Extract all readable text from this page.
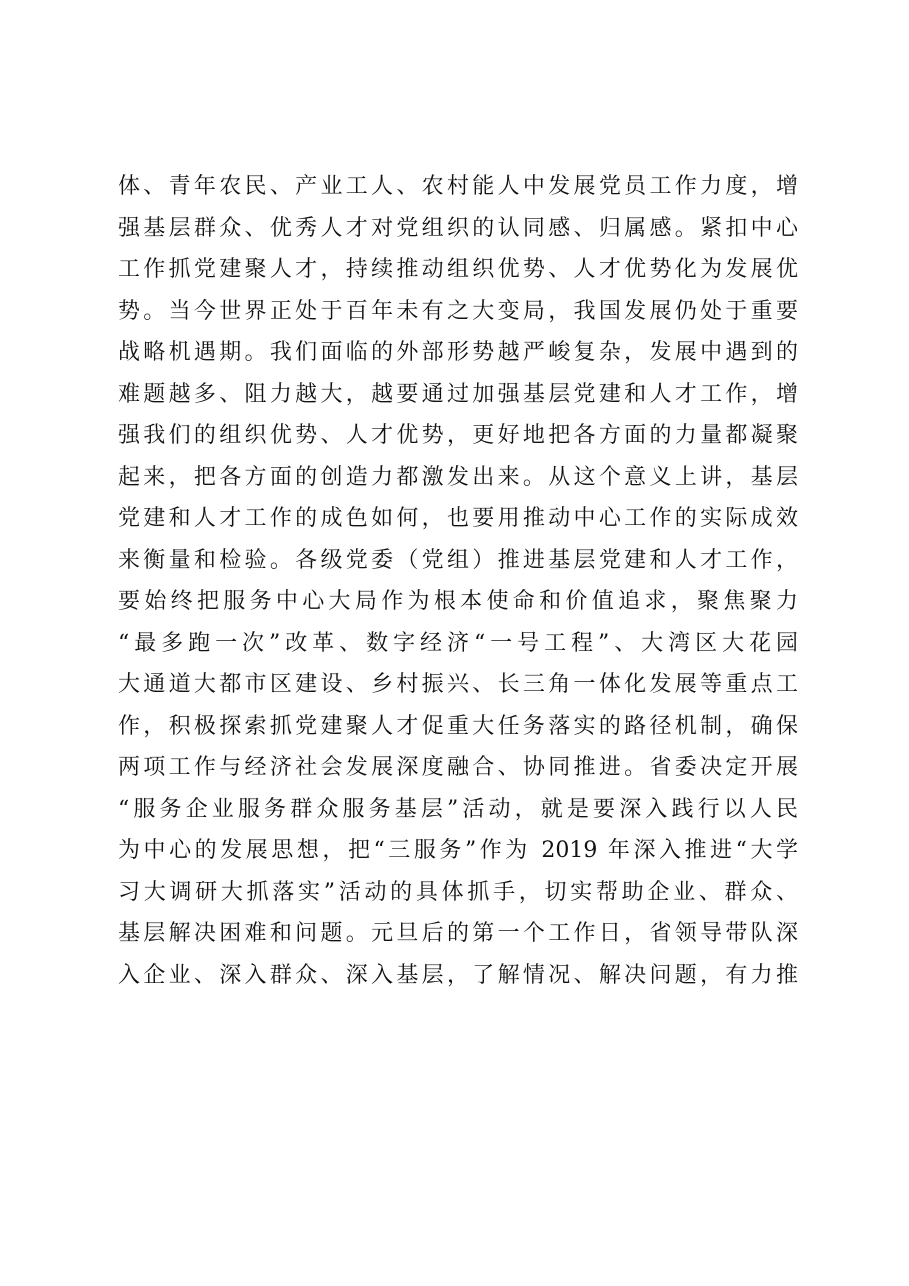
体、青年农民、产业工人、农村能人中发展党员工作力度，增
强基层群众、优秀人才对党组织的认同感、归属感。紧扣中心
工作抓党建聚人才，持续推动组织优势、人才优势化为发展优
势。当今世界正处于百年未有之大变局，我国发展仍处于重要
战略机遇期。我们面临的外部形势越严峻复杂，发展中遇到的
难题越多、阻力越大，越要通过加强基层党建和人才工作，增
强我们的组织优势、人才优势，更好地把各方面的力量都凝聚
起来，把各方面的创造力都激发出来。从这个意义上讲，基层
党建和人才工作的成色如何，也要用推动中心工作的实际成效
来衡量和检验。各级党委（党组）推进基层党建和人才工作，
要始终把服务中心大局作为根本使命和价值追求，聚焦聚力
“最多跑一次”改革、数字经济“一号工程”、大湾区大花园
大通道大都市区建设、乡村振兴、长三角一体化发展等重点工
作，积极探索抓党建聚人才促重大任务落实的路径机制，确保
两项工作与经济社会发展深度融合、协同推进。省委决定开展
“服务企业服务群众服务基层”活动，就是要深入践行以人民
为中心的发展思想，把“三服务”作为 2019 年深入推进“大学
习大调研大抓落实”活动的具体抓手，切实帮助企业、群众、
基层解决困难和问题。元旦后的第一个工作日，省领导带队深
入企业、深入群众、深入基层，了解情况、解决问题，有力推
